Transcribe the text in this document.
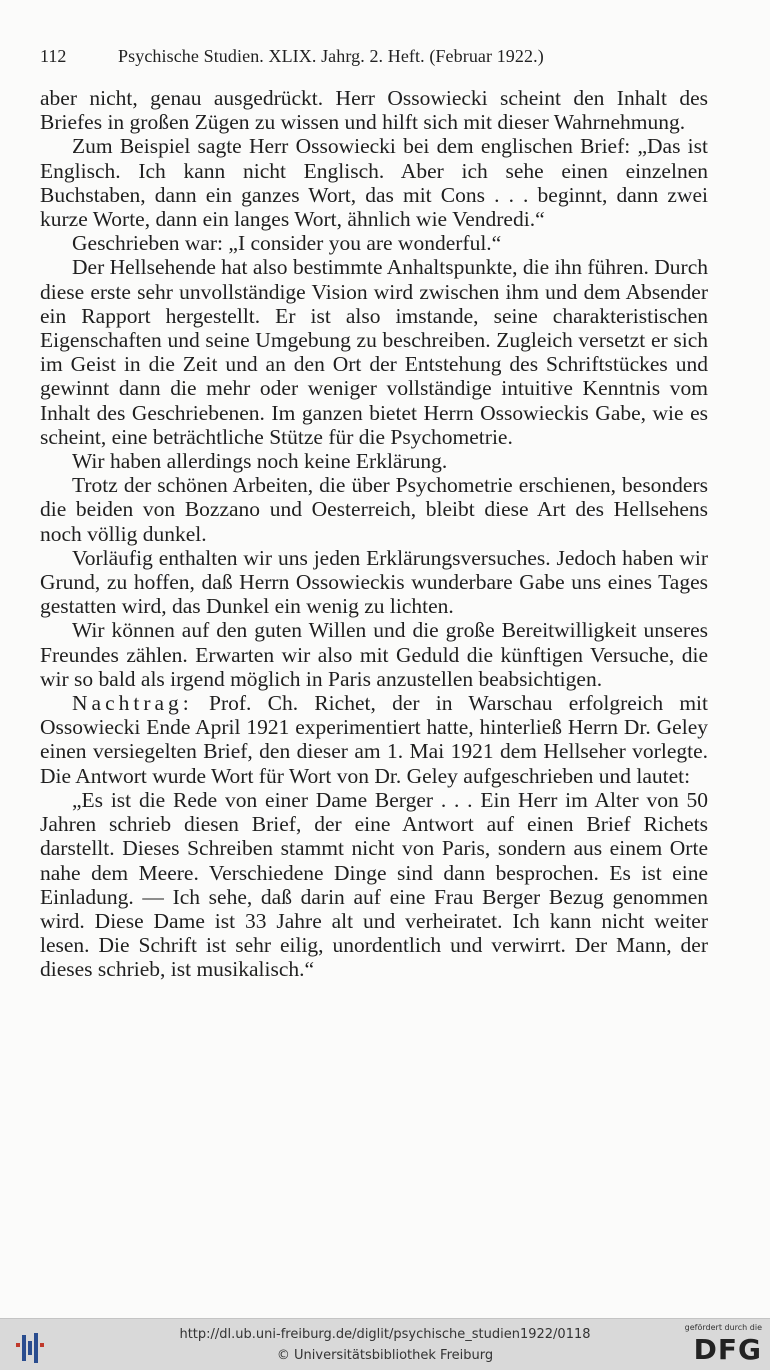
112	Psychische Studien. XLIX. Jahrg. 2. Heft. (Februar 1922.)

aber nicht, genau ausgedrückt. Herr Ossowiecki scheint den Inhalt des Briefes in großen Zügen zu wissen und hilft sich mit dieser Wahrnehmung.

Zum Beispiel sagte Herr Ossowiecki bei dem englischen Brief: „Das ist Englisch. Ich kann nicht Englisch. Aber ich sehe einen einzelnen Buchstaben, dann ein ganzes Wort, das mit Cons . . . beginnt, dann zwei kurze Worte, dann ein langes Wort, ähnlich wie Vendredi.“

Geschrieben war: „I consider you are wonderful.“

Der Hellsehende hat also bestimmte Anhaltspunkte, die ihn führen. Durch diese erste sehr unvollständige Vision wird zwischen ihm und dem Absender ein Rapport hergestellt. Er ist also imstande, seine charakteristischen Eigenschaften und seine Umgebung zu beschreiben. Zugleich versetzt er sich im Geist in die Zeit und an den Ort der Entstehung des Schriftstückes und gewinnt dann die mehr oder weniger vollständige intuitive Kenntnis vom Inhalt des Geschriebenen. Im ganzen bietet Herrn Ossowieckis Gabe, wie es scheint, eine beträchtliche Stütze für die Psychometrie.

Wir haben allerdings noch keine Erklärung.

Trotz der schönen Arbeiten, die über Psychometrie erschienen, besonders die beiden von Bozzano und Oesterreich, bleibt diese Art des Hellsehens noch völlig dunkel.

Vorläufig enthalten wir uns jeden Erklärungsversuches. Jedoch haben wir Grund, zu hoffen, daß Herrn Ossowieckis wunderbare Gabe uns eines Tages gestatten wird, das Dunkel ein wenig zu lichten.

Wir können auf den guten Willen und die große Bereitwilligkeit unseres Freundes zählen. Erwarten wir also mit Geduld die künftigen Versuche, die wir so bald als irgend möglich in Paris anzustellen beabsichtigen.

Nachtrag: Prof. Ch. Richet, der in Warschau erfolgreich mit Ossowiecki Ende April 1921 experimentiert hatte, hinterließ Herrn Dr. Geley einen versiegelten Brief, den dieser am 1. Mai 1921 dem Hellseher vorlegte. Die Antwort wurde Wort für Wort von Dr. Geley aufgeschrieben und lautet:

„Es ist die Rede von einer Dame Berger . . . Ein Herr im Alter von 50 Jahren schrieb diesen Brief, der eine Antwort auf einen Brief Richets darstellt. Dieses Schreiben stammt nicht von Paris, sondern aus einem Orte nahe dem Meere. Verschiedene Dinge sind dann besprochen. Es ist eine Einladung. — Ich sehe, daß darin auf eine Frau Berger Bezug genommen wird. Diese Dame ist 33 Jahre alt und verheiratet. Ich kann nicht weiter lesen. Die Schrift ist sehr eilig, unordentlich und verwirrt. Der Mann, der dieses schrieb, ist musikalisch.“

http://dl.ub.uni-freiburg.de/diglit/psychische_studien1922/0118
© Universitätsbibliothek Freiburg
gefördert durch die
DFG
